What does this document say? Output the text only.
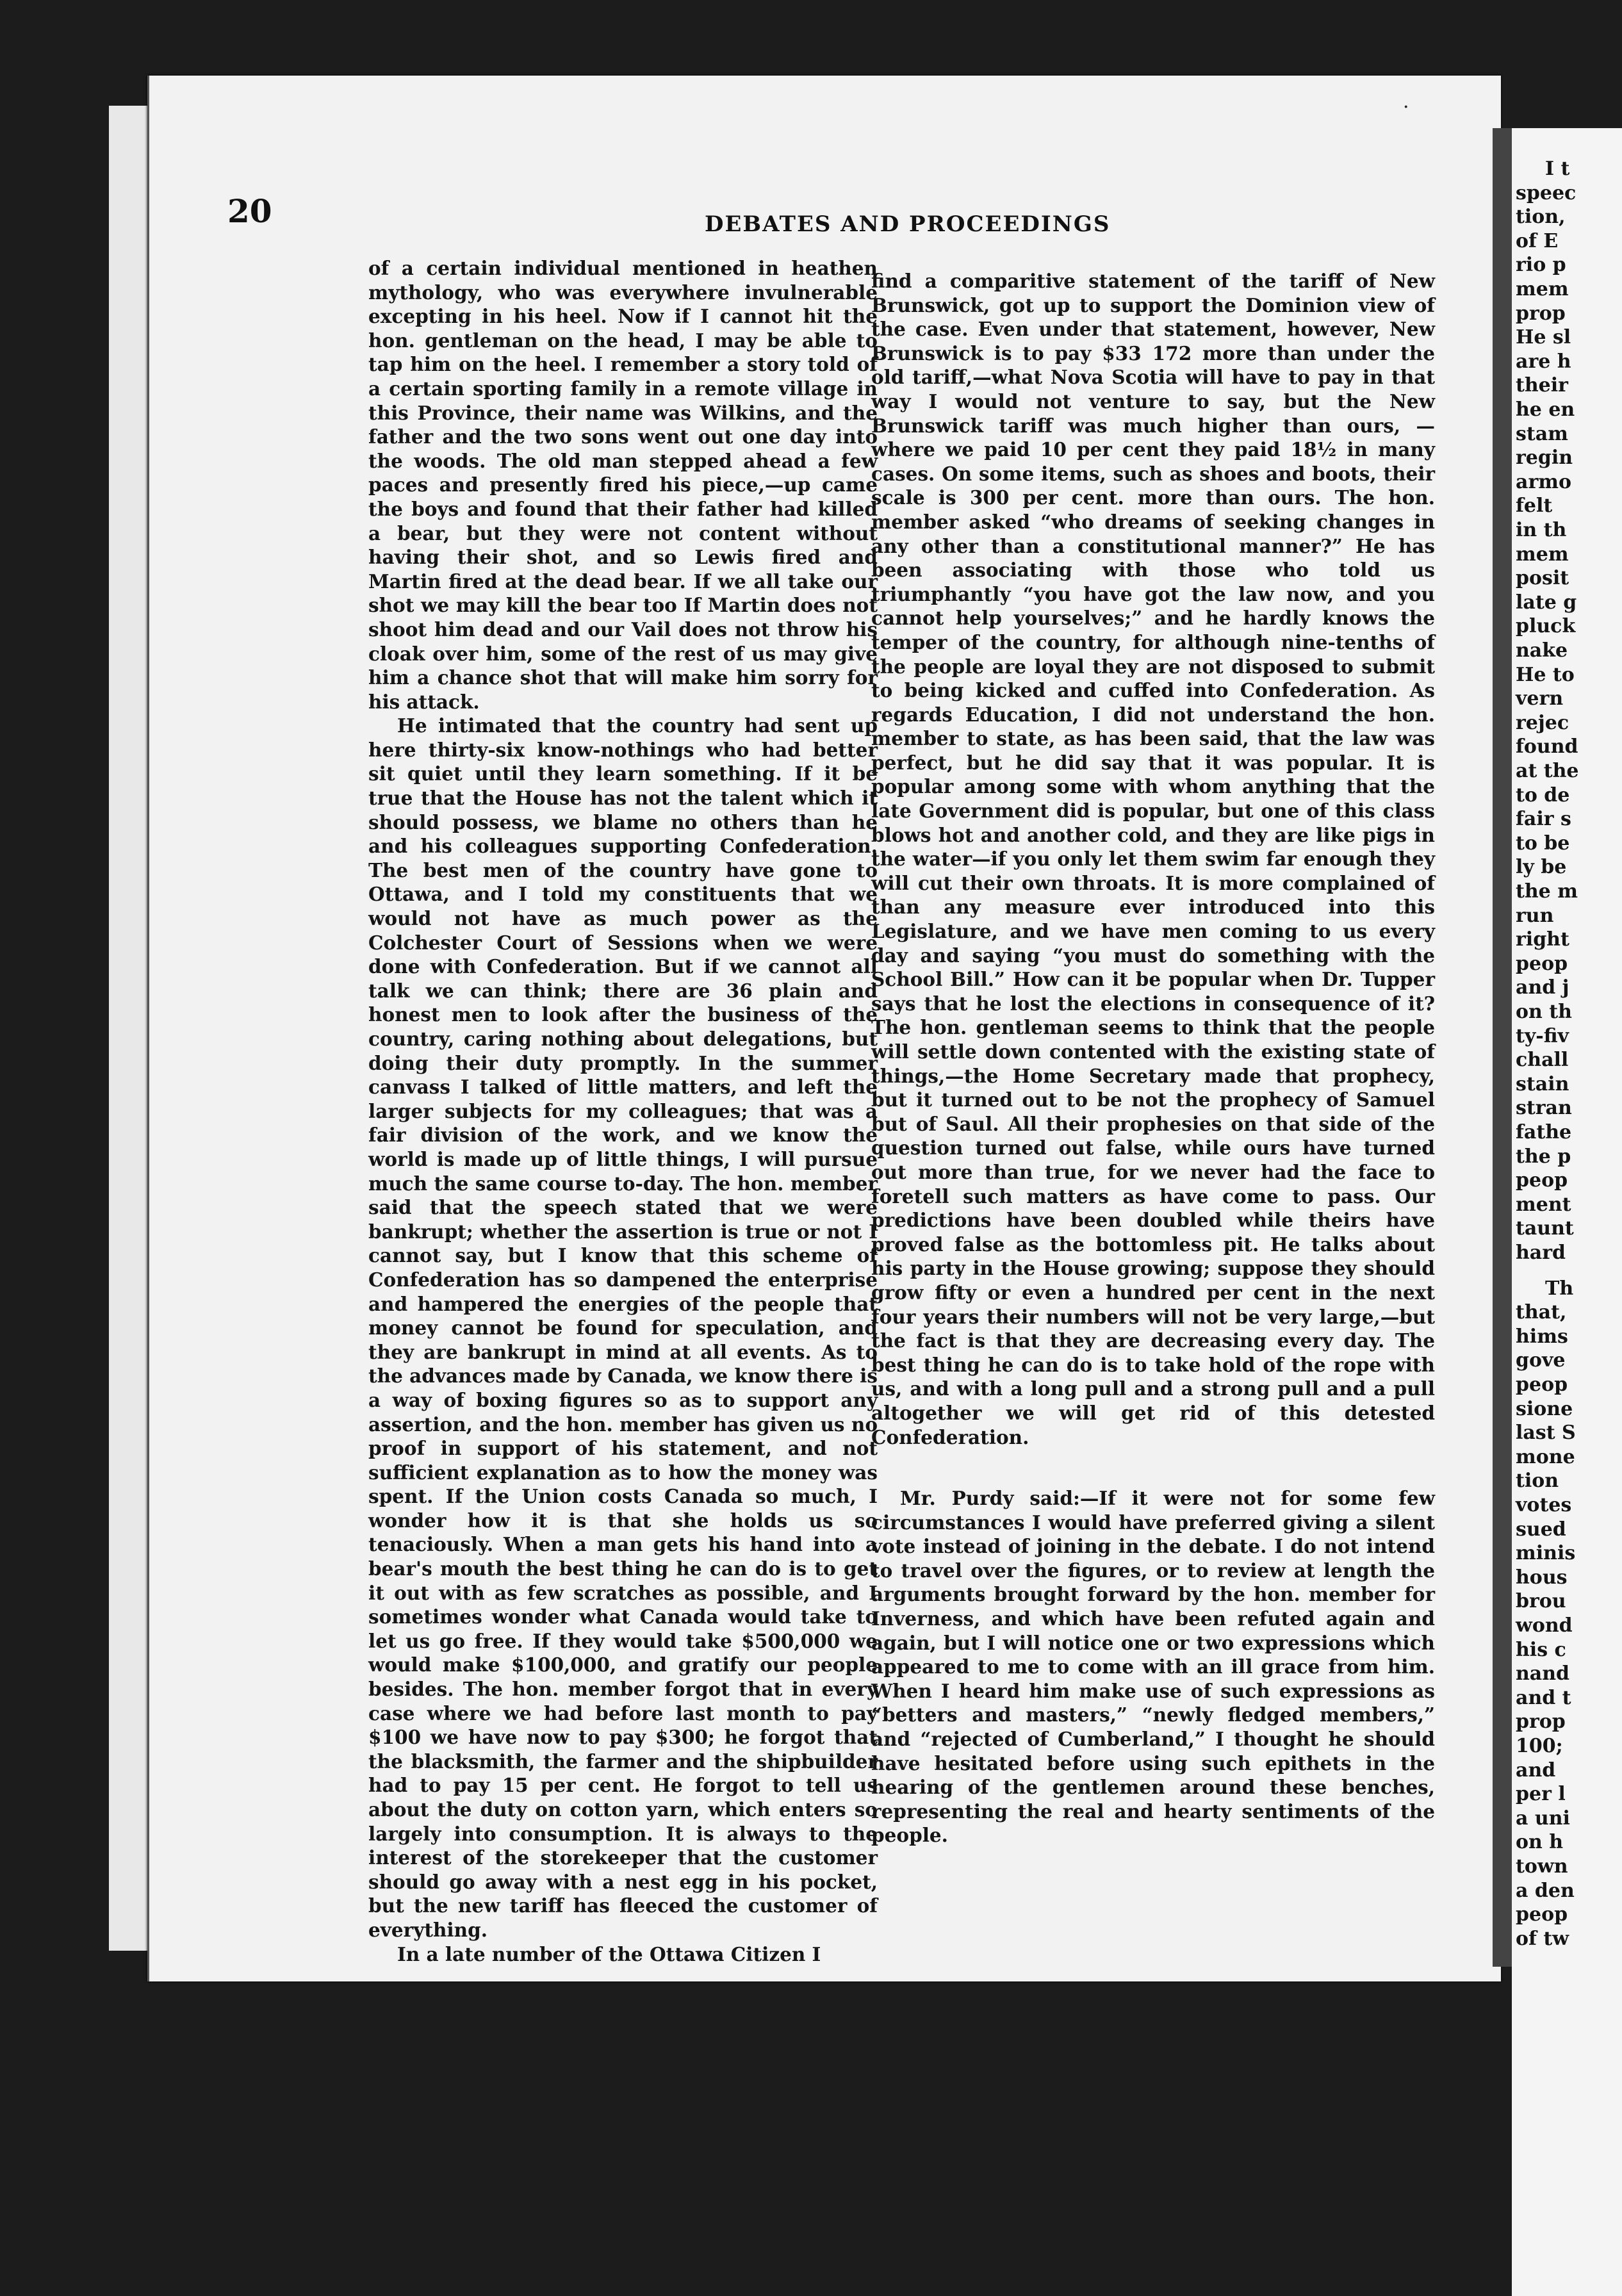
I t
speec
tion,
of E
rio p
mem
prop
He sl
are h
their
he en
stam
regin
armo
felt
in th
mem
posit
late g
pluck
nake
He to
vern
rejec
found
at the
to de
fair s
to be
ly be
the m
run
right
peop
and j
on th
ty-fiv
chall
stain
stran
fathe
the p
peop
ment
taunt
hard
Th
that,
hims
gove
peop
sione
last S
mone
tion
votes
sued
minis
hous
brou
wond
his c
nand
and t
prop
100;
and
per l
a uni
on h
town
a den
peop
of tw
20	DEBATES AND PROCEEDINGS

of a certain individual mentioned in heathen mythology, who was everywhere invulnerable excepting in his heel. Now if I cannot hit the hon. gentleman on the head, I may be able to tap him on the heel. I remember a story told of a certain sporting family in a remote village in this Province, their name was Wilkins, and the father and the two sons went out one day into the woods. The old man stepped ahead a few paces and presently fired his piece,—up came the boys and found that their father had killed a bear, but they were not content without having their shot, and so Lewis fired and Martin fired at the dead bear. If we all take our shot we may kill the bear too If Martin does not shoot him dead and our Vail does not throw his cloak over him, some of the rest of us may give him a chance shot that will make him sorry for his attack.

He intimated that the country had sent up here thirty-six know-nothings who had better sit quiet until they learn something. If it be true that the House has not the talent which it should possess, we blame no others than he and his colleagues supporting Confederation. The best men of the country have gone to Ottawa, and I told my constituents that we would not have as much power as the Colchester Court of Sessions when we were done with Confederation. But if we cannot all talk we can think; there are 36 plain and honest men to look after the business of the country, caring nothing about delegations, but doing their duty promptly. In the summer canvass I talked of little matters, and left the larger subjects for my colleagues; that was a fair division of the work, and we know the world is made up of little things, I will pursue much the same course to-day. The hon. member said that the speech stated that we were bankrupt; whether the assertion is true or not I cannot say, but I know that this scheme of Confederation has so dampened the enterprise and hampered the energies of the people that money cannot be found for speculation, and they are bankrupt in mind at all events. As to the advances made by Canada, we know there is a way of boxing figures so as to support any assertion, and the hon. member has given us no proof in support of his statement, and not sufficient explanation as to how the money was spent. If the Union costs Canada so much, I wonder how it is that she holds us so tenaciously. When a man gets his hand into a bear's mouth the best thing he can do is to get it out with as few scratches as possible, and I sometimes wonder what Canada would take to let us go free. If they would take $500,000 we would make $100,000, and gratify our people besides. The hon. member forgot that in every case where we had before last month to pay $100 we have now to pay $300; he forgot that the blacksmith, the farmer and the shipbuilder had to pay 15 per cent. He forgot to tell us about the duty on cotton yarn, which enters so largely into consumption. It is always to the interest of the storekeeper that the customer should go away with a nest egg in his pocket, but the new tariff has fleeced the customer of everything.

In a late number of the Ottawa Citizen I

find a comparitive statement of the tariff of New Brunswick, got up to support the Dominion view of the case. Even under that statement, however, New Brunswick is to pay $33 172 more than under the old tariff,—what Nova Scotia will have to pay in that way I would not venture to say, but the New Brunswick tariff was much higher than ours, —where we paid 10 per cent they paid 18½ in many cases. On some items, such as shoes and boots, their scale is 300 per cent. more than ours. The hon. member asked “who dreams of seeking changes in any other than a constitutional manner?” He has been associating with those who told us triumphantly “you have got the law now, and you cannot help yourselves;” and he hardly knows the temper of the country, for although nine-tenths of the people are loyal they are not disposed to submit to being kicked and cuffed into Confederation. As regards Education, I did not understand the hon. member to state, as has been said, that the law was perfect, but he did say that it was popular. It is popular among some with whom anything that the late Government did is popular, but one of this class blows hot and another cold, and they are like pigs in the water—if you only let them swim far enough they will cut their own throats. It is more complained of than any measure ever introduced into this Legislature, and we have men coming to us every day and saying “you must do something with the School Bill.” How can it be popular when Dr. Tupper says that he lost the elections in consequence of it? The hon. gentleman seems to think that the people will settle down contented with the existing state of things,—the Home Secretary made that prophecy, but it turned out to be not the prophecy of Samuel but of Saul. All their prophesies on that side of the question turned out false, while ours have turned out more than true, for we never had the face to foretell such matters as have come to pass. Our predictions have been doubled while theirs have proved false as the bottomless pit. He talks about his party in the House growing; suppose they should grow fifty or even a hundred per cent in the next four years their numbers will not be very large,—but the fact is that they are decreasing every day. The best thing he can do is to take hold of the rope with us, and with a long pull and a strong pull and a pull altogether we will get rid of this detested Confederation.

Mr. Purdy said:—If it were not for some few circumstances I would have preferred giving a silent vote instead of joining in the debate. I do not intend to travel over the figures, or to review at length the arguments brought forward by the hon. member for Inverness, and which have been refuted again and again, but I will notice one or two expressions which appeared to me to come with an ill grace from him. When I heard him make use of such expressions as “betters and masters,” “newly fledged members,” and “rejected of Cumberland,” I thought he should have hesitated before using such epithets in the hearing of the gentlemen around these benches, representing the real and hearty sentiments of the people.

·
